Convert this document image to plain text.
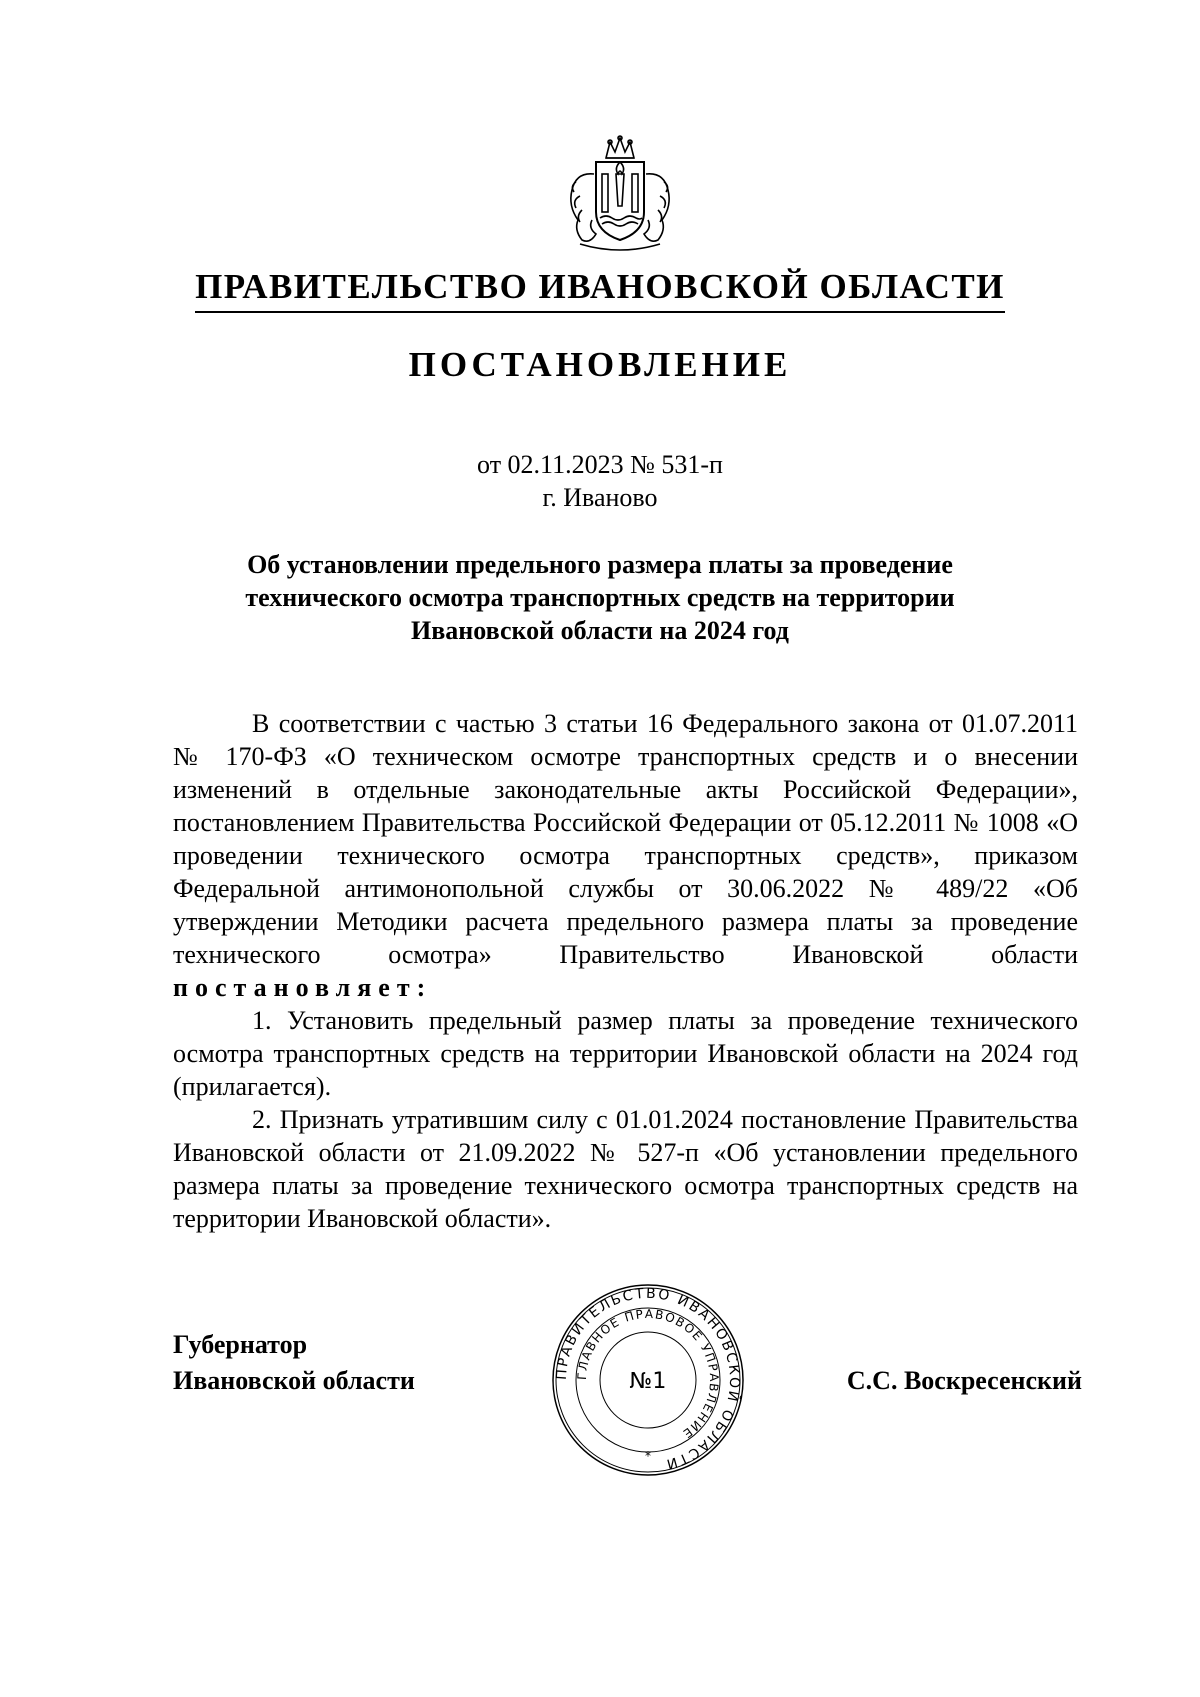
ПРАВИТЕЛЬСТВО ИВАНОВСКОЙ ОБЛАСТИ
ПОСТАНОВЛЕНИЕ
от 02.11.2023 № 531-п
г. Иваново
Об установлении предельного размера платы за проведение
технического осмотра транспортных средств на территории
Ивановской области на 2024 год

В соответствии с частью 3 статьи 16 Федерального закона от 01.07.2011 № 170-ФЗ «О техническом осмотре транспортных средств и о внесении изменений в отдельные законодательные акты Российской Федерации», постановлением Правительства Российской Федерации от 05.12.2011 № 1008 «О проведении технического осмотра транспортных средств», приказом Федеральной антимонопольной службы от 30.06.2022 № 489/22 «Об утверждении Методики расчета предельного размера платы за проведение технического осмотра» Правительство Ивановской области постановляет:

1. Установить предельный размер платы за проведение технического осмотра транспортных средств на территории Ивановской области на 2024 год (прилагается).

2. Признать утратившим силу с 01.01.2024 постановление Правительства Ивановской области от 21.09.2022 № 527-п «Об установлении предельного размера платы за проведение технического осмотра транспортных средств на территории Ивановской области».

Губернатор
Ивановской области	С.С. Воскресенский
ПРАВИТЕЛЬСТВО ИВАНОВСКОЙ ОБЛАСТИ
ГЛАВНОЕ ПРАВОВОЕ УПРАВЛЕНИЕ
№1
*
